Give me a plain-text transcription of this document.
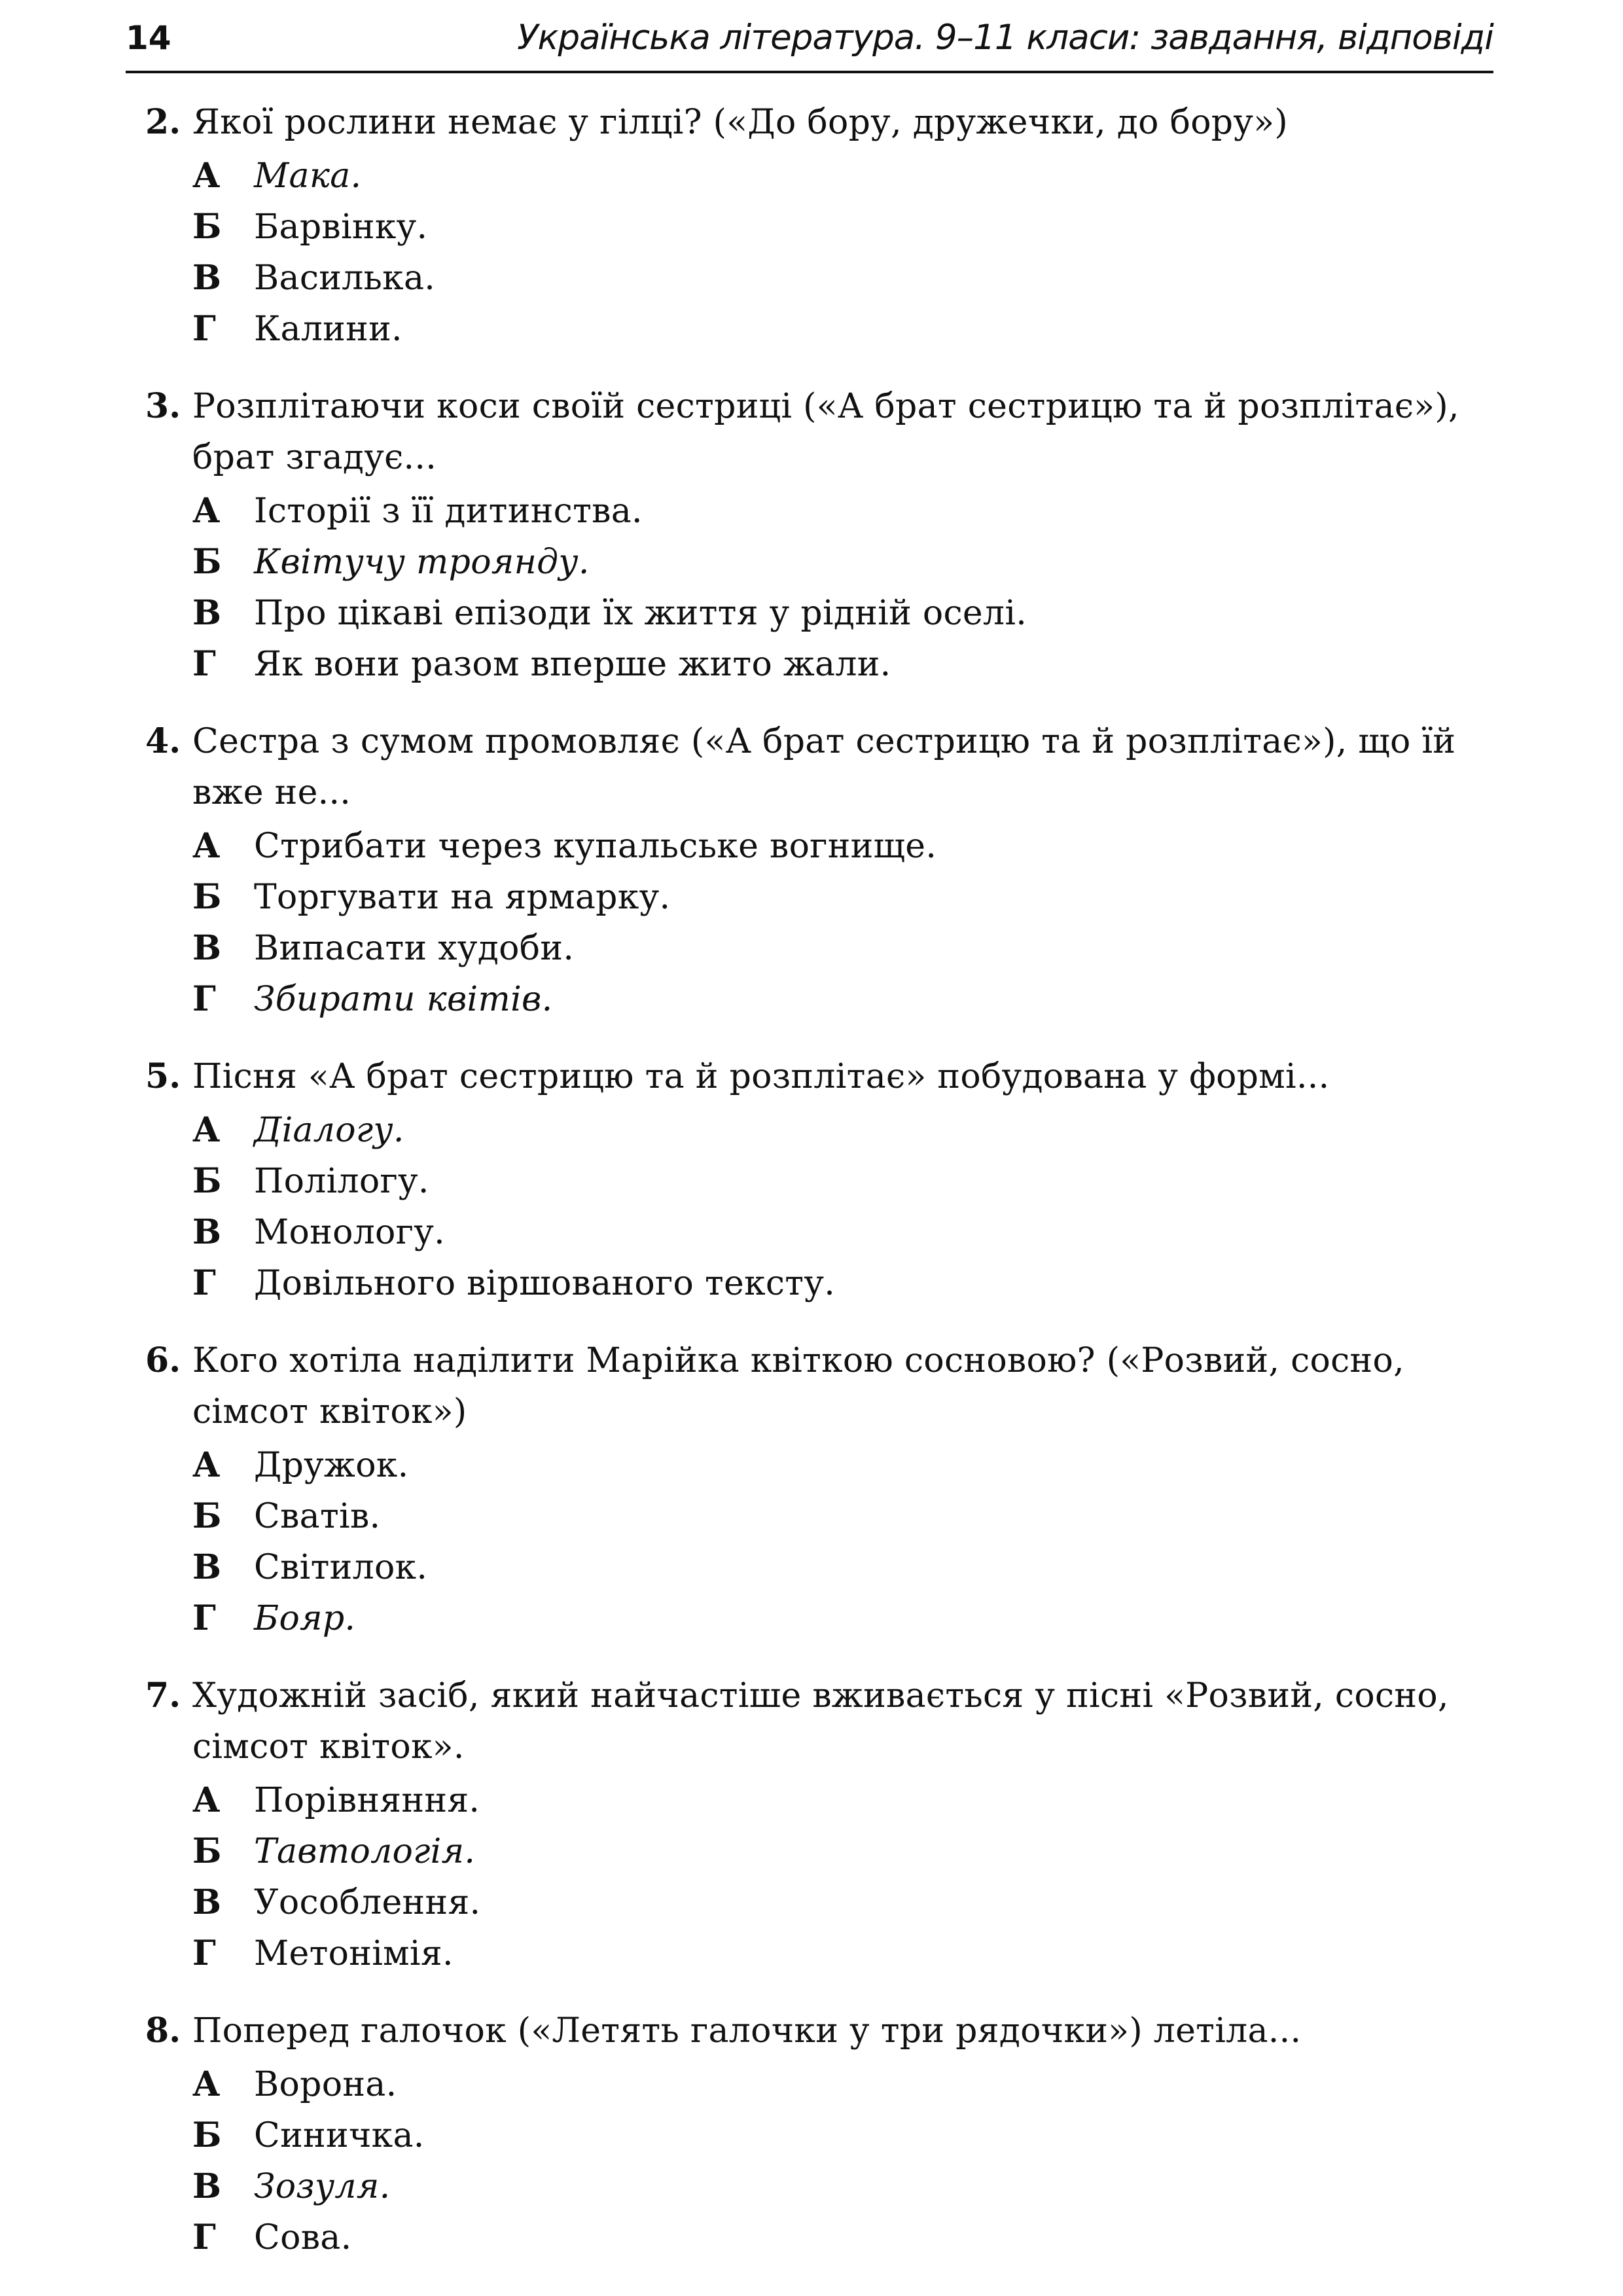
14	Українська література. 9–11 класи: завдання, відповіді
2. Якої рослини немає у гілці? («До бору, дружечки, до бору»)
А Мака.
Б Барвінку.
В Василька.
Г Калини.
3. Розплітаючи коси своїй сестриці («А брат сестрицю та й розплітає»), брат згадує...
А Історії з її дитинства.
Б Квітучу троянду.
В Про цікаві епізоди їх життя у рідній оселі.
Г Як вони разом вперше жито жали.
4. Сестра з сумом промовляє («А брат сестрицю та й розплітає»), що їй вже не...
А Стрибати через купальське вогнище.
Б Торгувати на ярмарку.
В Випасати худоби.
Г Збирати квітів.
5. Пісня «А брат сестрицю та й розплітає» побудована у формі...
А Діалогу.
Б Полілогу.
В Монологу.
Г Довільного віршованого тексту.
6. Кого хотіла наділити Марійка квіткою сосновою? («Розвий, сосно, сімсот квіток»)
А Дружок.
Б Сватів.
В Світилок.
Г Бояр.
7. Художній засіб, який найчастіше вживається у пісні «Розвий, сосно, сімсот квіток».
А Порівняння.
Б Тавтологія.
В Уособлення.
Г Метонімія.
8. Поперед галочок («Летять галочки у три рядочки») летіла...
А Ворона.
Б Синичка.
В Зозуля.
Г Сова.
